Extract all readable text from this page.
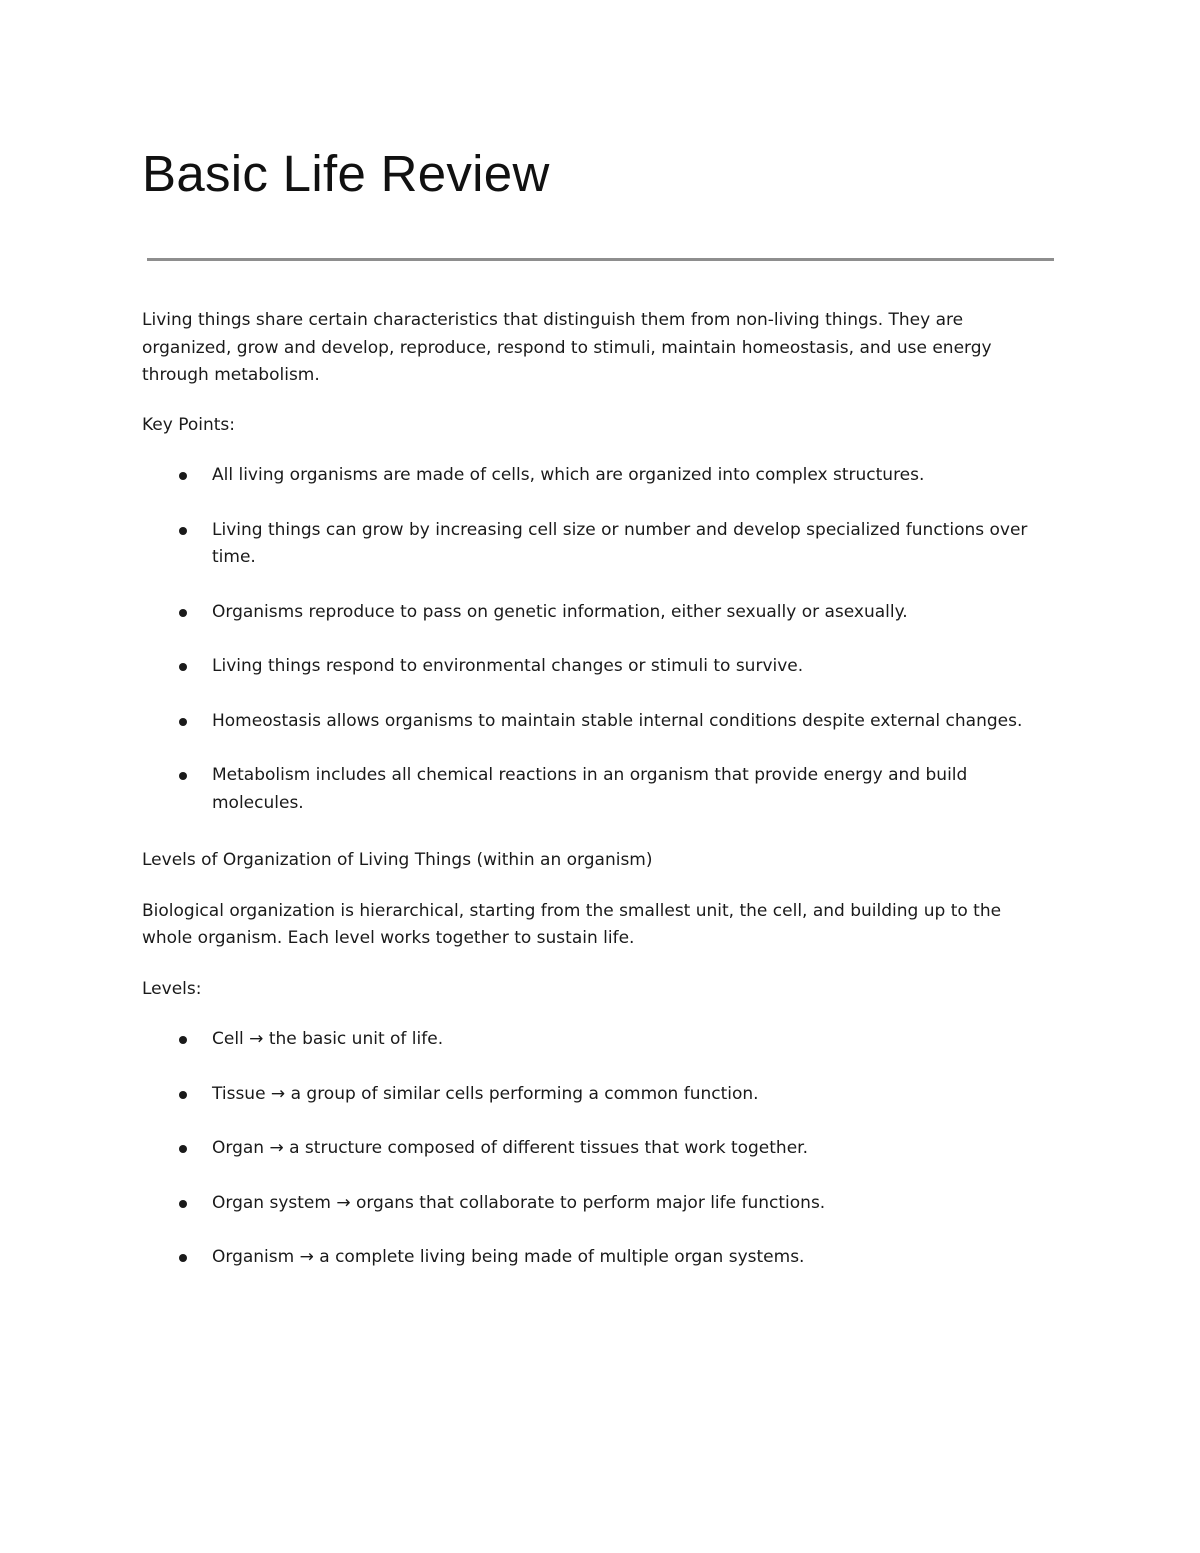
Basic Life Review

Living things share certain characteristics that distinguish them from non-living things. They are organized, grow and develop, reproduce, respond to stimuli, maintain homeostasis, and use energy through metabolism.

Key Points:

All living organisms are made of cells, which are organized into complex structures.
Living things can grow by increasing cell size or number and develop specialized functions over time.
Organisms reproduce to pass on genetic information, either sexually or asexually.
Living things respond to environmental changes or stimuli to survive.
Homeostasis allows organisms to maintain stable internal conditions despite external changes.
Metabolism includes all chemical reactions in an organism that provide energy and build molecules.

Levels of Organization of Living Things (within an organism)

Biological organization is hierarchical, starting from the smallest unit, the cell, and building up to the whole organism. Each level works together to sustain life.

Levels:

Cell → the basic unit of life.
Tissue → a group of similar cells performing a common function.
Organ → a structure composed of different tissues that work together.
Organ system → organs that collaborate to perform major life functions.
Organism → a complete living being made of multiple organ systems.
